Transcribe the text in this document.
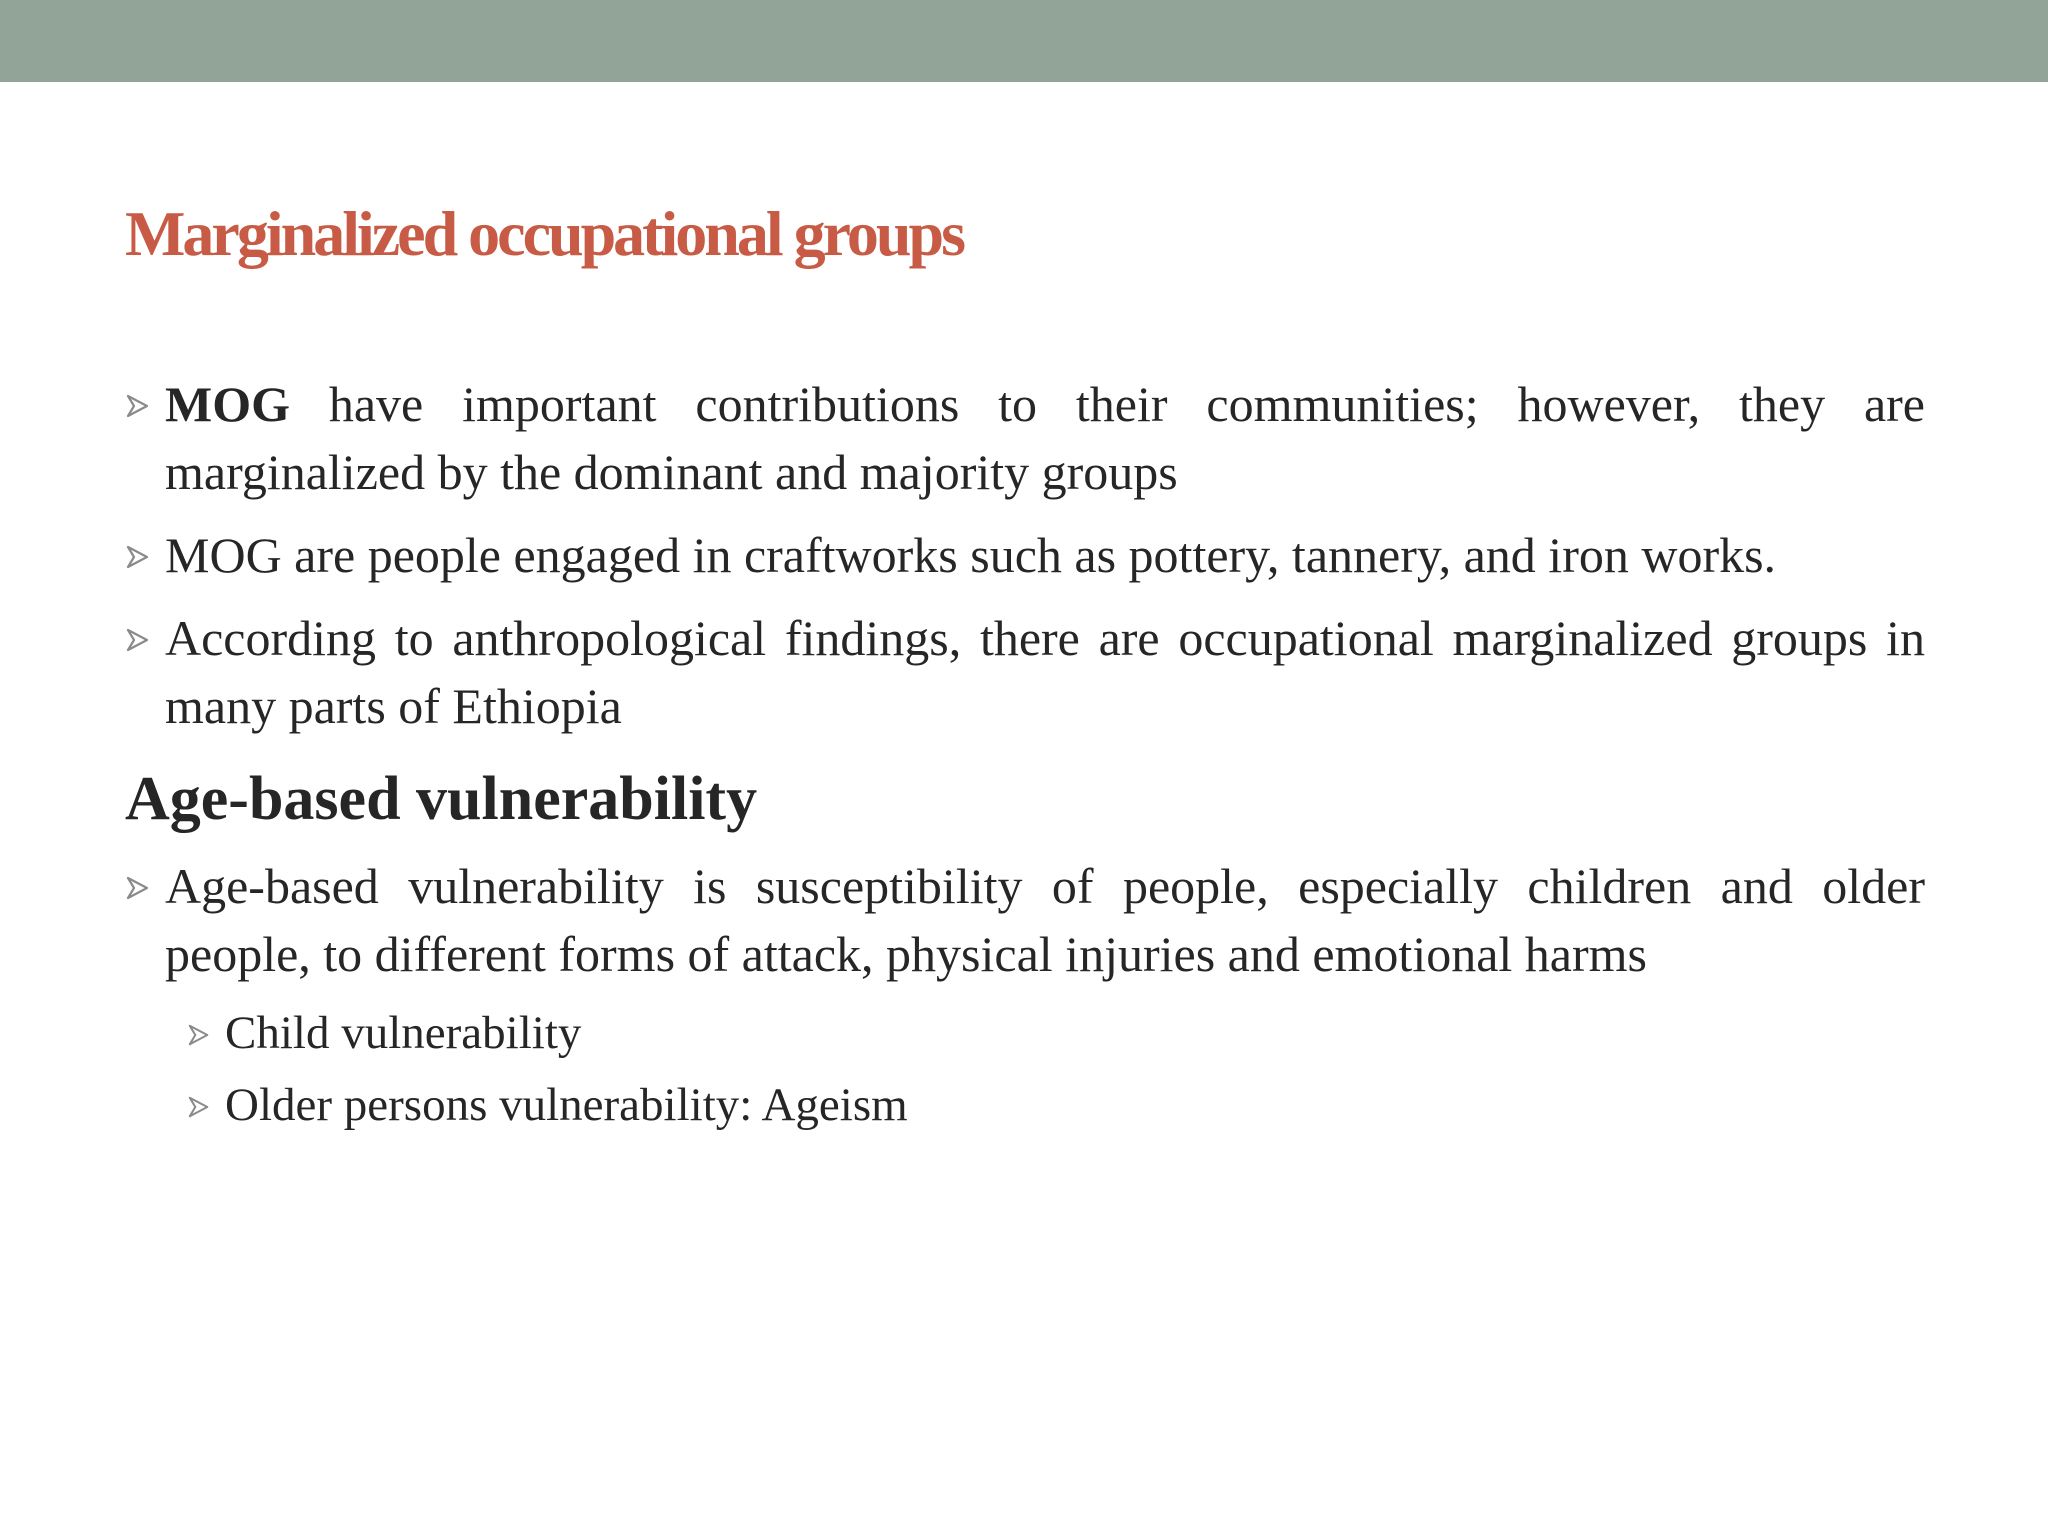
Marginalized occupational groups
MOG have important contributions to their communities; however, they are marginalized by the dominant and majority groups
MOG are people engaged in craftworks such as pottery, tannery, and iron works.
According to anthropological findings, there are occupational marginalized groups in many parts of Ethiopia
Age-based vulnerability
Age-based vulnerability is susceptibility of people, especially children and older people, to different forms of attack, physical injuries and emotional harms
Child vulnerability
Older persons vulnerability: Ageism
